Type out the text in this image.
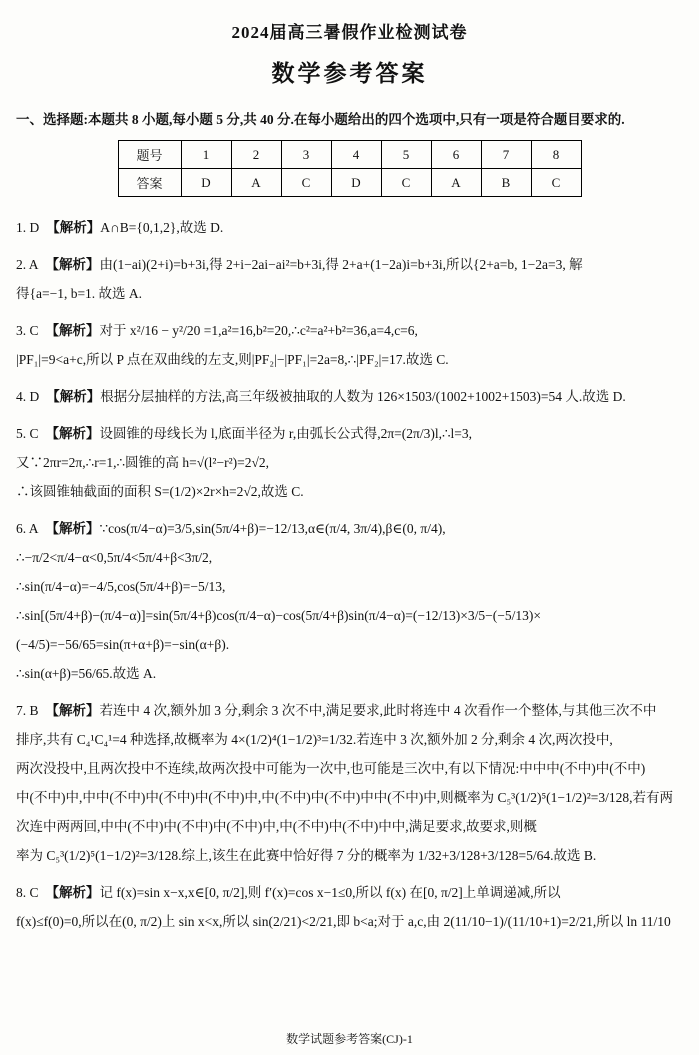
2024届高三暑假作业检测试卷
数学参考答案
一、选择题:本题共 8 小题,每小题 5 分,共 40 分.在每小题给出的四个选项中,只有一项是符合题目要求的.
题号	1	2	3	4	5	6	7	8
答案	D	A	C	D	C	A	B	C
1. D 【解析】A∩B={0,1,2},故选 D.
2. A 【解析】由(1−ai)(2+i)=b+3i,得 2+i−2ai−ai²=b+3i,得 2+a+(1−2a)i=b+3i,所以{2+a=b, 1−2a=3, 解
得{a=−1, b=1. 故选 A.
3. C 【解析】对于 x²/16 − y²/20 =1,a²=16,b²=20,∴c²=a²+b²=36,a=4,c=6,
|PF₁|=9<a+c,所以 P 点在双曲线的左支,则|PF₂|−|PF₁|=2a=8,∴|PF₂|=17.故选 C.
4. D 【解析】根据分层抽样的方法,高三年级被抽取的人数为 126×1503/(1002+1002+1503)=54 人.故选 D.
5. C 【解析】设圆锥的母线长为 l,底面半径为 r,由弧长公式得,2π=(2π/3)l,∴l=3,
又∵2πr=2π,∴r=1,∴圆锥的高 h=√(l²−r²)=2√2,
∴该圆锥轴截面的面积 S=(1/2)×2r×h=2√2,故选 C.
6. A 【解析】∵cos(π/4−α)=3/5,sin(5π/4+β)=−12/13,α∈(π/4, 3π/4),β∈(0, π/4),
∴−π/2<π/4−α<0,5π/4<5π/4+β<3π/2,
∴sin(π/4−α)=−4/5,cos(5π/4+β)=−5/13,
∴sin[(5π/4+β)−(π/4−α)]=sin(5π/4+β)cos(π/4−α)−cos(5π/4+β)sin(π/4−α)=(−12/13)×3/5−(−5/13)×
(−4/5)=−56/65=sin(π+α+β)=−sin(α+β).
∴sin(α+β)=56/65.故选 A.
7. B 【解析】若连中 4 次,额外加 3 分,剩余 3 次不中,满足要求,此时将连中 4 次看作一个整体,与其他三次不中
排序,共有 C₄¹C₄¹=4 种选择,故概率为 4×(1/2)⁴(1−1/2)³=1/32.若连中 3 次,额外加 2 分,剩余 4 次,两次投中,
两次没投中,且两次投中不连续,故两次投中可能为一次中,也可能是三次中,有以下情况:中中中(不中)中(不中)
中(不中)中,中中(不中)中(不中)中(不中)中,中(不中)中(不中)中中(不中)中,则概率为 C₅³(1/2)⁵(1−1/2)²=3/128,若有两
次连中两两回,中中(不中)中(不中)中(不中)中,中(不中)中(不中)中中,满足要求,故要求,则概
率为 C₅³(1/2)⁵(1−1/2)²=3/128.综上,该生在此赛中恰好得 7 分的概率为 1/32+3/128+3/128=5/64.故选 B.
8. C 【解析】记 f(x)=sin x−x,x∈[0, π/2],则 f′(x)=cos x−1≤0,所以 f(x) 在[0, π/2]上单调递减,所以
f(x)≤f(0)=0,所以在(0, π/2)上 sin x<x,所以 sin(2/21)<2/21,即 b<a;对于 a,c,由 2(11/10−1)/(11/10+1)=2/21,所以 ln 11/10
数学试题参考答案(CJ)-1
